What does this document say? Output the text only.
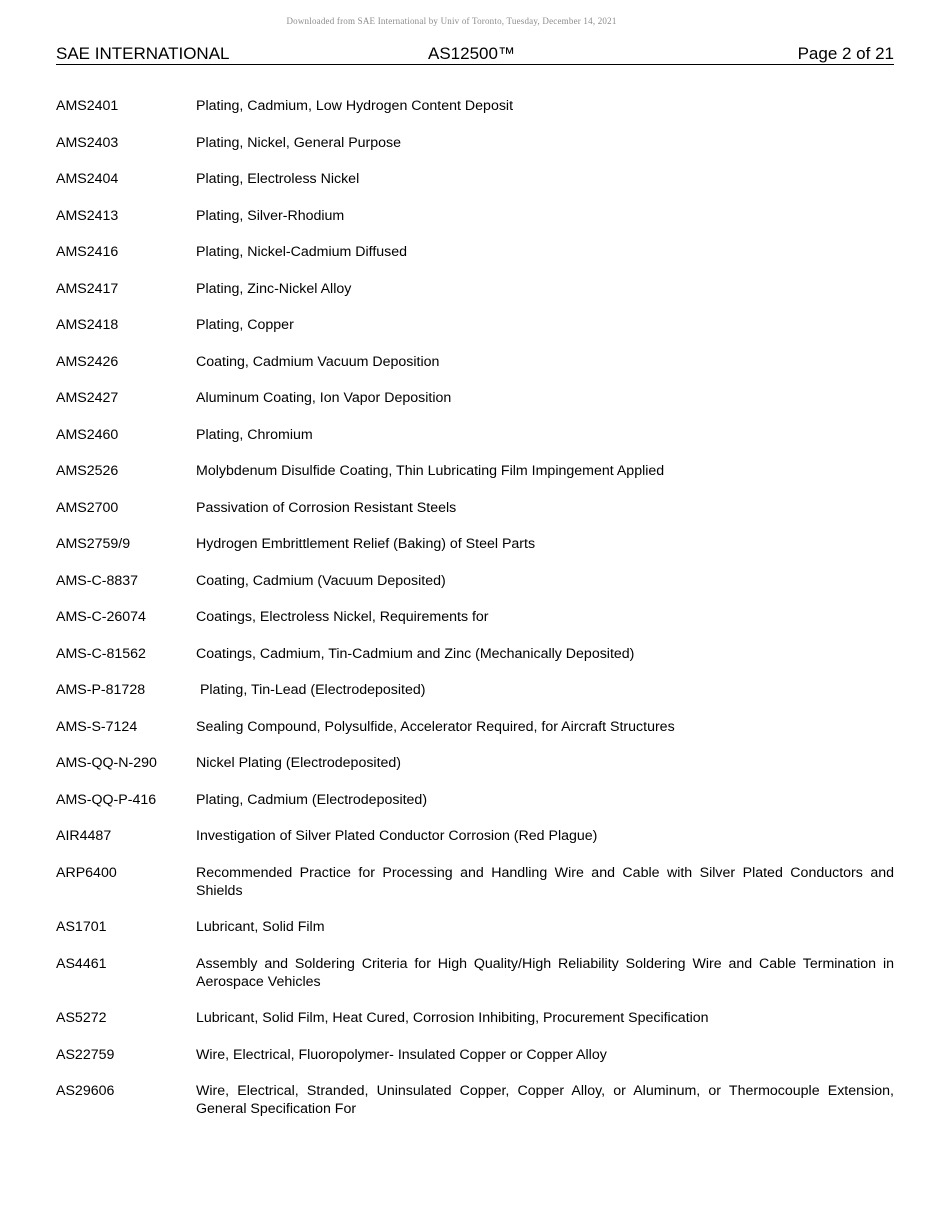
Downloaded from SAE International by Univ of Toronto, Tuesday, December 14, 2021
SAE INTERNATIONAL	AS12500™	Page 2 of 21
AMS2401	Plating, Cadmium, Low Hydrogen Content Deposit
AMS2403	Plating, Nickel, General Purpose
AMS2404	Plating, Electroless Nickel
AMS2413	Plating, Silver-Rhodium
AMS2416	Plating, Nickel-Cadmium Diffused
AMS2417	Plating, Zinc-Nickel Alloy
AMS2418	Plating, Copper
AMS2426	Coating, Cadmium Vacuum Deposition
AMS2427	Aluminum Coating, Ion Vapor Deposition
AMS2460	Plating, Chromium
AMS2526	Molybdenum Disulfide Coating, Thin Lubricating Film Impingement Applied
AMS2700	Passivation of Corrosion Resistant Steels
AMS2759/9	Hydrogen Embrittlement Relief (Baking) of Steel Parts
AMS-C-8837	Coating, Cadmium (Vacuum Deposited)
AMS-C-26074	Coatings, Electroless Nickel, Requirements for
AMS-C-81562	Coatings, Cadmium, Tin-Cadmium and Zinc (Mechanically Deposited)
AMS-P-81728	Plating, Tin-Lead (Electrodeposited)
AMS-S-7124	Sealing Compound, Polysulfide, Accelerator Required, for Aircraft Structures
AMS-QQ-N-290	Nickel Plating (Electrodeposited)
AMS-QQ-P-416	Plating, Cadmium (Electrodeposited)
AIR4487	Investigation of Silver Plated Conductor Corrosion (Red Plague)
ARP6400	Recommended Practice for Processing and Handling Wire and Cable with Silver Plated Conductors and Shields
AS1701	Lubricant, Solid Film
AS4461	Assembly and Soldering Criteria for High Quality/High Reliability Soldering Wire and Cable Termination in Aerospace Vehicles
AS5272	Lubricant, Solid Film, Heat Cured, Corrosion Inhibiting, Procurement Specification
AS22759	Wire, Electrical, Fluoropolymer- Insulated Copper or Copper Alloy
AS29606	Wire, Electrical, Stranded, Uninsulated Copper, Copper Alloy, or Aluminum, or Thermocouple Extension, General Specification For
